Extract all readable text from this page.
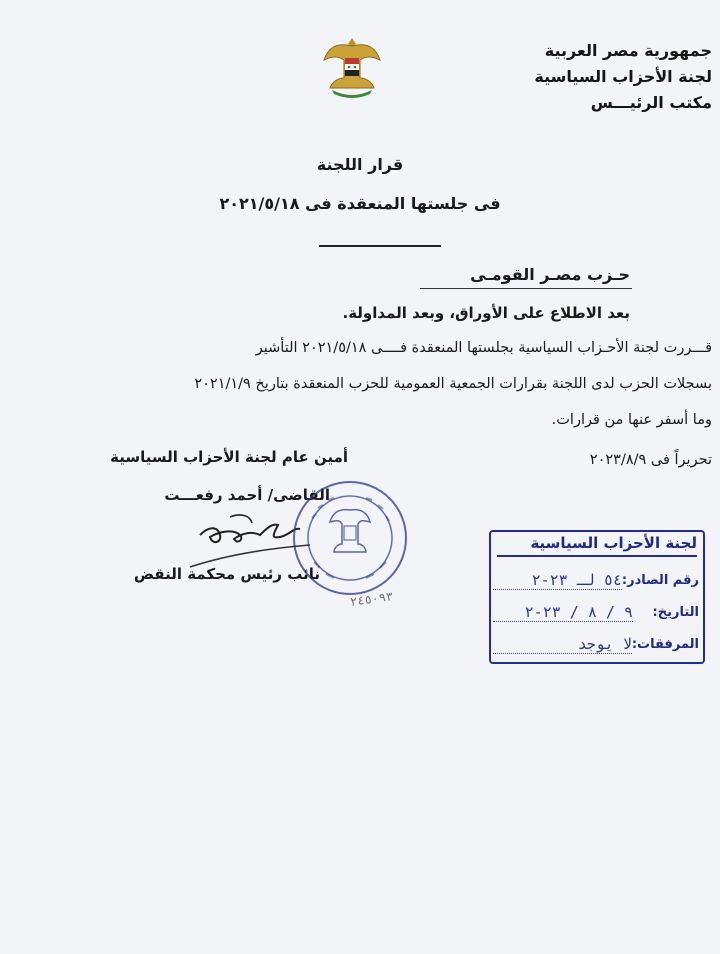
جمهورية مصر العربية
لجنة الأحزاب السياسية
مكتب الرئيـــس
قرار اللجنة
فى جلستها المنعقدة فى ٢٠٢١/٥/١٨
حـزب مصـر القومـى
بعد الاطلاع على الأوراق، وبعد المداولة.
قـــررت لجنة الأحـزاب السياسية بجلستها المنعقدة فــــى ٢٠٢١/٥/١٨ التأشير
بسجلات الحزب لدى اللجنة بقرارات الجمعية العمومية للحزب المنعقدة بتاريخ ٢٠٢١/١/٩
وما أسفر عنها من قرارات.
تحريراً فى ٢٠٢٣/٨/٩
أمين عام لجنة الأحزاب السياسية
القاضى/ أحمد رفعـــت
نائب رئيس محكمة النقض
٢٤٥٠٩٣
لجنة الأحزاب السياسية
رقم الصادر:
٥٤ لـ ٢٣-٢
التاريخ:
٩ / ٨ / ٢٣-٢
المرفقات:
لا يوجد
